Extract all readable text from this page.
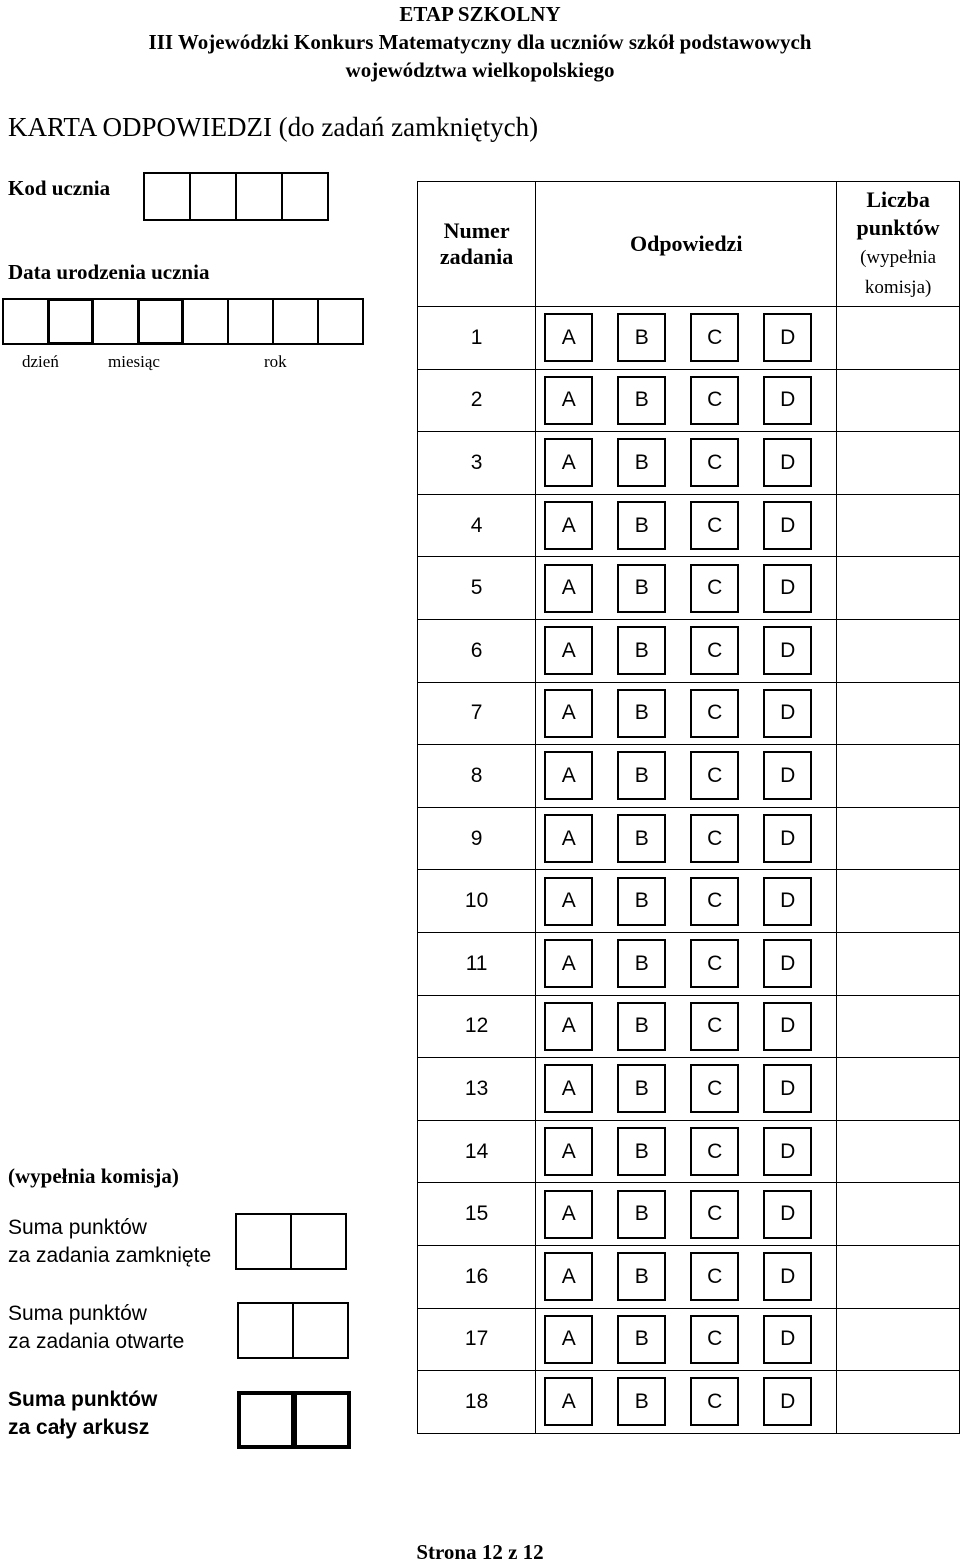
ETAP SZKOLNY
III Wojewódzki Konkurs Matematyczny dla uczniów szkół podstawowych
województwa wielkopolskiego
KARTA ODPOWIEDZI (do zadań zamkniętych)
Kod ucznia
Data urodzenia ucznia
dzień	miesiąc	rok
Numer zadania	Odpowiedzi	Liczba punktów
(wypełnia komisja)
1	A B C D	

2	A B C D	

3	A B C D	

4	A B C D	

5	A B C D	

6	A B C D	

7	A B C D	

8	A B C D	

9	A B C D	

10	A B C D	

11	A B C D	

12	A B C D	

13	A B C D	

14	A B C D	

15	A B C D	

16	A B C D	

17	A B C D	

18	A B C D	

(wypełnia komisja)
Suma punktów
za zadania zamknięte
Suma punktów
za zadania otwarte
Suma punktów
za cały arkusz
Strona 12 z 12
